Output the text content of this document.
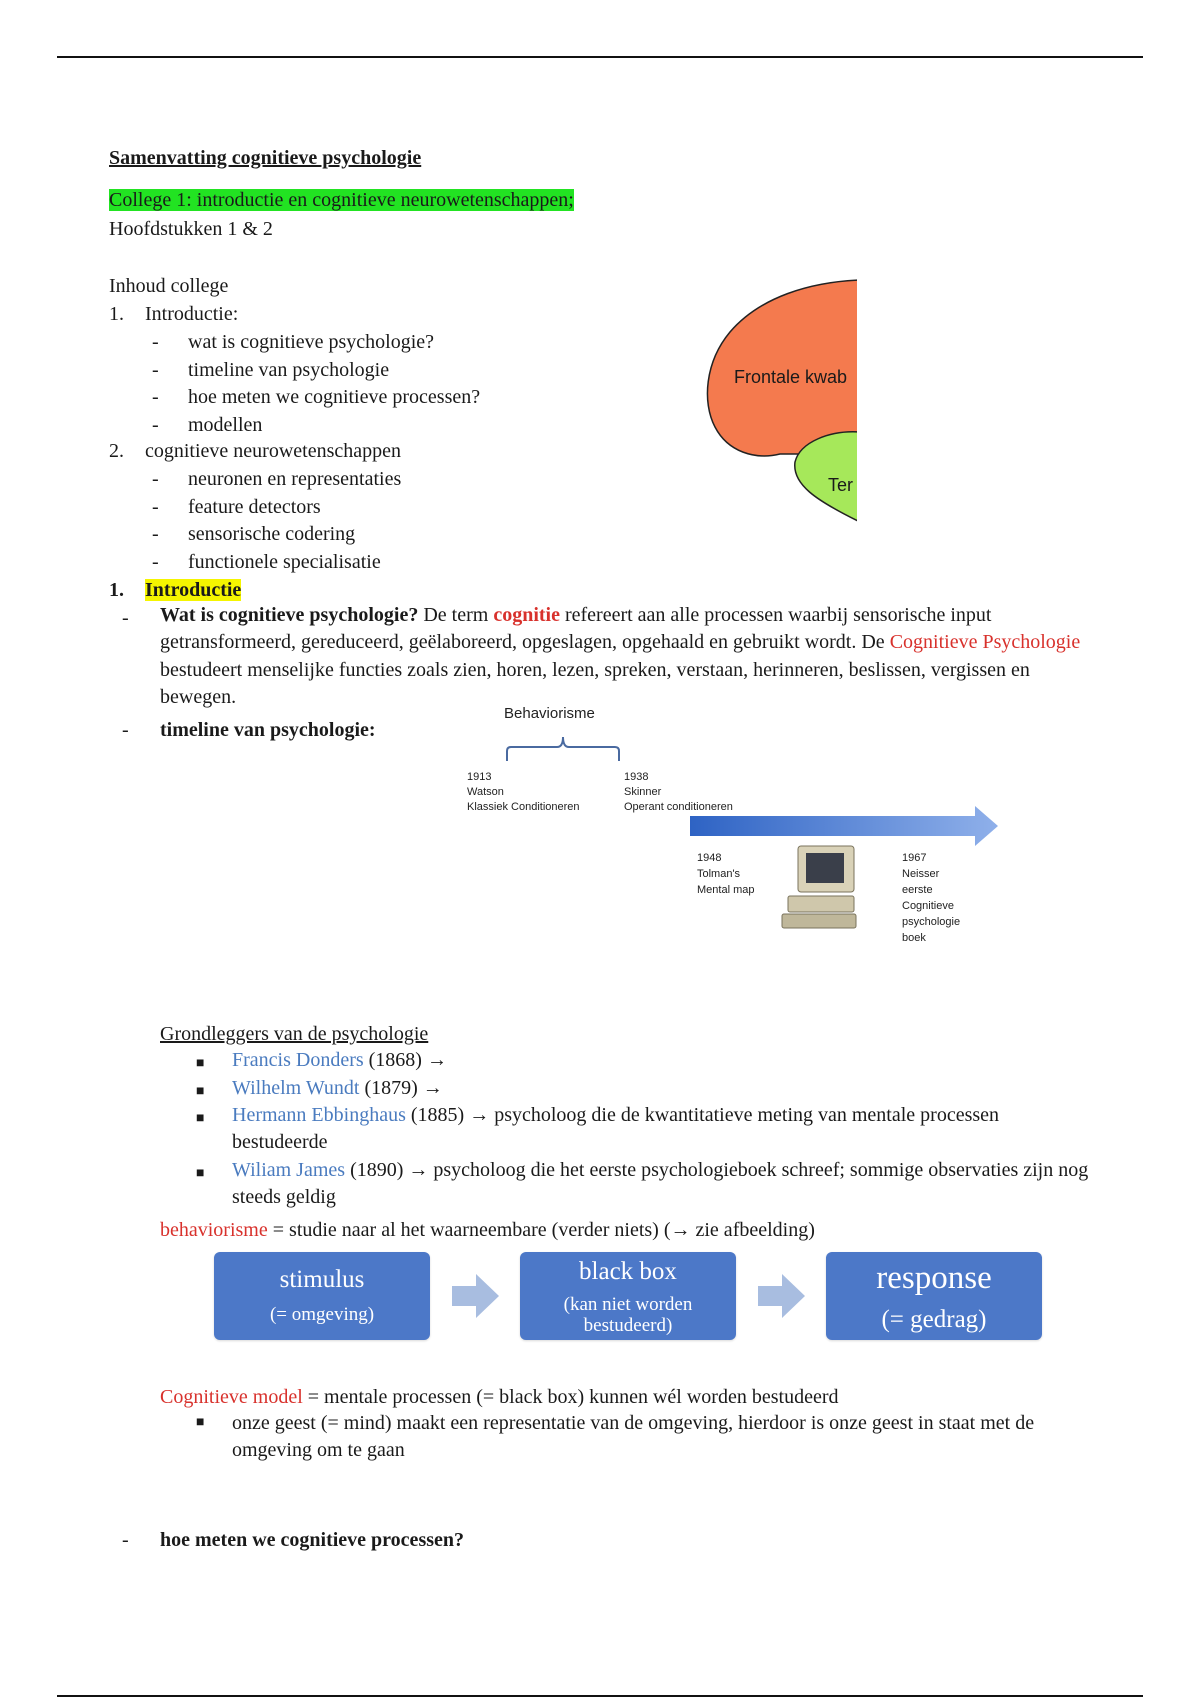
Samenvatting cognitieve psychologie
College 1: introductie en cognitieve neurowetenschappen;
Hoofdstukken 1 & 2
Inhoud college
1. Introductie:
- wat is cognitieve psychologie?
- timeline van psychologie
- hoe meten we cognitieve processen?
- modellen
2. cognitieve neurowetenschappen
- neuronen en representaties
- feature detectors
- sensorische codering
- functionele specialisatie
Frontale kwab
Ter
1. Introductie
- Wat is cognitieve psychologie? De term cognitie refereert aan alle processen waarbij sensorische input getransformeerd, gereduceerd, geëlaboreerd, opgeslagen, opgehaald en gebruikt wordt. De Cognitieve Psychologie bestudeert menselijke functies zoals zien, horen, lezen, spreken, verstaan, herinneren, beslissen, vergissen en bewegen.
- timeline van psychologie:
Behaviorisme
1913
Watson
Klassiek Conditioneren
1938
Skinner
Operant conditioneren
1948
Tolman's
Mental map
1967
Neisser
eerste
Cognitieve
psychologie
boek
Grondleggers van de psychologie
■ Francis Donders (1868) →
■ Wilhelm Wundt (1879) →
■ Hermann Ebbinghaus (1885) → psycholoog die de kwantitatieve meting van mentale processen bestudeerde
■ Wiliam James (1890) → psycholoog die het eerste psychologieboek schreef; sommige observaties zijn nog steeds geldig
behaviorisme = studie naar al het waarneembare (verder niets) (→ zie afbeelding)
stimulus
(= omgeving)
black box
(kan niet worden
bestudeerd)
response
(= gedrag)
Cognitieve model = mentale processen (= black box) kunnen wél worden bestudeerd
■ onze geest (= mind) maakt een representatie van de omgeving, hierdoor is onze geest in staat met de omgeving om te gaan
- hoe meten we cognitieve processen?
